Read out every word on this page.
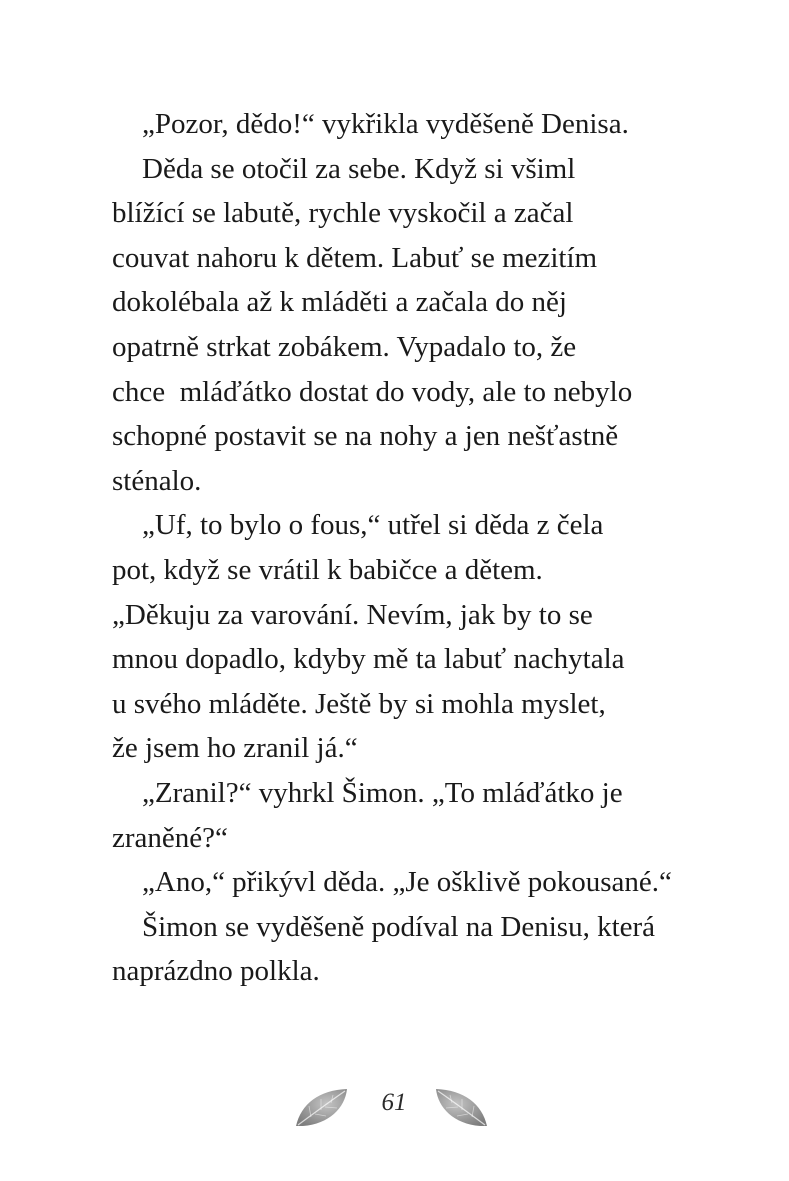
„Pozor, dědo!“ vykřikla vyděšeně Denisa.
Děda se otočil za sebe. Když si všiml
blížící se labutě, rychle vyskočil a začal
couvat nahoru k dětem. Labuť se mezitím
dokolébala až k mláděti a začala do něj
opatrně strkat zobákem. Vypadalo to, že
chce  mláďátko dostat do vody, ale to nebylo
schopné postavit se na nohy a jen nešťastně
sténalo.
„Uf, to bylo o fous,“ utřel si děda z čela
pot, když se vrátil k babičce a dětem.
„Děkuju za varování. Nevím, jak by to se
mnou dopadlo, kdyby mě ta labuť nachytala
u svého mláděte. Ještě by si mohla myslet,
že jsem ho zranil já.“
„Zranil?“ vyhrkl Šimon. „To mláďátko je
zraněné?“
„Ano,“ přikývl děda. „Je ošklivě pokousané.“
Šimon se vyděšeně podíval na Denisu, která
naprázdno polkla.
61
